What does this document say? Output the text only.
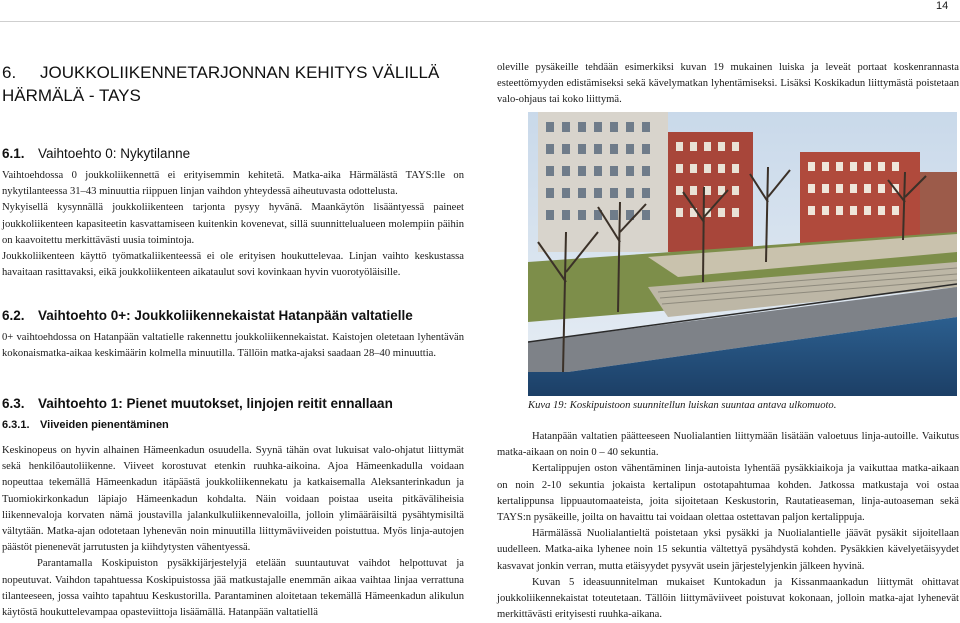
14
6. JOUKKOLIIKENNETARJONNAN KEHITYS VÄLILLÄ
HÄRMÄLÄ - TAYS
6.1. Vaihtoehto 0: Nykytilanne

Vaihtoehdossa 0 joukkoliikennettä ei erityisemmin kehitetä. Matka-aika Härmälästä TAYS:lle on nykytilanteessa 31–43 minuuttia riippuen linjan vaihdon yhteydessä aiheutuvasta odottelusta.

Nykyisellä kysynnällä joukkoliikenteen tarjonta pysyy hyvänä. Maankäytön lisääntyessä paineet joukkoliikenteen kapasiteetin kasvattamiseen kuitenkin kovenevat, sillä suunnittelualueen molempiin päihin on kaavoitettu merkittävästi uusia toimintoja.

Joukkoliikenteen käyttö työmatkaliikenteessä ei ole erityisen houkuttelevaa. Linjan vaihto keskustassa havaitaan rasittavaksi, eikä joukkoliikenteen aikataulut sovi kovinkaan hyvin vuorotyöläisille.

6.2. Vaihtoehto 0+: Joukkoliikennekaistat Hatanpään valtatielle

0+ vaihtoehdossa on Hatanpään valtatielle rakennettu joukkoliikennekaistat. Kaistojen oletetaan lyhentävän kokonaismatka-aikaa keskimäärin kolmella minuutilla. Tällöin matka-ajaksi saadaan 28–40 minuuttia.

6.3. Vaihtoehto 1: Pienet muutokset, linjojen reitit ennallaan
6.3.1. Viiveiden pienentäminen

Keskinopeus on hyvin alhainen Hämeenkadun osuudella. Syynä tähän ovat lukuisat valo-ohjatut liittymät sekä henkilöautoliikenne. Viiveet korostuvat etenkin ruuhka-aikoina. Ajoa Hämeenkadulla voidaan nopeuttaa tekemällä Hämeenkadun itäpäästä joukkoliikennekatu ja katkaisemalla Aleksanterinkadun ja Tuomiokirkonkadun läpiajo Hämeenkadun kohdalta. Näin voidaan poistaa useita pitkäväliheisia liikennevaloja korvaten nämä joustavilla jalankulkuliikennevaloilla, jolloin ylimääräisiltä pysähtymisiltä vältytään. Matka-ajan odotetaan lyhenevän noin minuutilla liittymäviiveiden poistuttua. Myös linja-autojen päästöt pienenevät jarrutusten ja kiihdytysten vähentyessä.

Parantamalla Koskipuiston pysäkkijärjestelyjä etelään suuntautuvat vaihdot helpottuvat ja nopeutuvat. Vaihdon tapahtuessa Koskipuistossa jää matkustajalle enemmän aikaa vaihtaa linjaa verrattuna tilanteeseen, jossa vaihto tapahtuu Keskustorilla. Parantaminen aloitetaan tekemällä Hämeenkadun alikulun käytöstä houkuttelevampaa opasteviittoja lisäämällä. Hatanpään valtatiellä

oleville pysäkeille tehdään esimerkiksi kuvan 19 mukainen luiska ja leveät portaat koskenrannasta esteettömyyden edistämiseksi sekä kävelymatkan lyhentämiseksi. Lisäksi Koskikadun liittymästä poistetaan valo-ohjaus tai koko liittymä.

Kuva 19: Koskipuistoon suunnitellun luiskan suuntaa antava ulkomuoto.

Hatanpään valtatien päätteeseen Nuolialantien liittymään lisätään valoetuus linja-autoille. Vaikutus matka-aikaan on noin 0 – 40 sekuntia.

Kertalippujen oston vähentäminen linja-autoista lyhentää pysäkkiaikoja ja vaikuttaa matka-aikaan on noin 2-10 sekuntia jokaista kertalipun ostotapahtumaa kohden. Jatkossa matkustaja voi ostaa kertalippunsa lippuautomaateista, joita sijoitetaan Keskustorin, Rautatieaseman, linja-autoaseman sekä TAYS:n pysäkeille, joilta on havaittu tai voidaan olettaa ostettavan paljon kertalippuja.

Härmälässä Nuolialantieltä poistetaan yksi pysäkki ja Nuolialantielle jäävät pysäkit sijoitellaan uudelleen. Matka-aika lyhenee noin 15 sekuntia vältettyä pysähdystä kohden. Pysäkkien kävelyetäisyydet kasvavat jonkin verran, mutta etäisyydet pysyvät usein järjestelyjenkin jälkeen hyvinä.

Kuvan 5 ideasuunnitelman mukaiset Kuntokadun ja Kissanmaankadun liittymät ohittavat joukkoliikennekaistat toteutetaan. Tällöin liittymäviiveet poistuvat kokonaan, jolloin matka-ajat lyhenevät merkittävästi erityisesti ruuhka-aikana.
